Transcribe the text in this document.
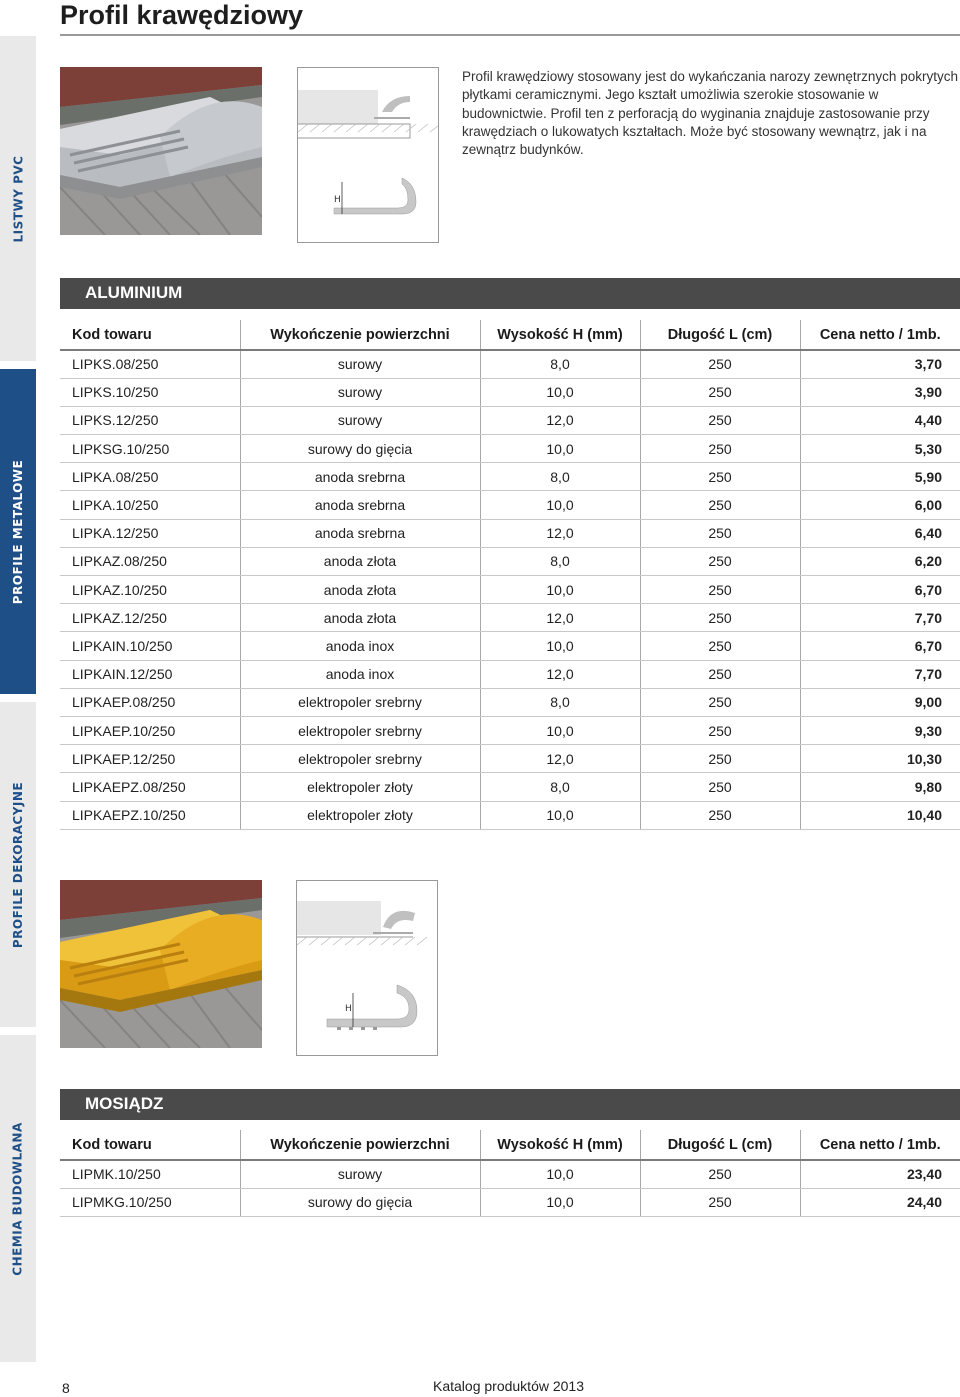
LISTWY PVC
PROFILE METALOWE
PROFILE DEKORACYJNE
CHEMIA BUDOWLANA
Profil krawędziowy
H
Profil krawędziowy stosowany jest do wykańczania narozy zewnętrznych pokrytych płytkami ceramicznymi. Jego kształt umożliwia szerokie stosowanie w budownictwie. Profil ten z perforacją do wyginania znajduje zastosowanie przy krawędziach o lukowatych kształtach. Może być stosowany wewnątrz, jak i na zewnątrz budynków.
ALUMINIUM
Kod towaru	Wykończenie powierzchni	Wysokość H (mm)	Długość L (cm)	Cena netto / 1mb.
LIPKS.08/250	surowy	8,0	250	3,70
LIPKS.10/250	surowy	10,0	250	3,90
LIPKS.12/250	surowy	12,0	250	4,40
LIPKSG.10/250	surowy do gięcia	10,0	250	5,30
LIPKA.08/250	anoda srebrna	8,0	250	5,90
LIPKA.10/250	anoda srebrna	10,0	250	6,00
LIPKA.12/250	anoda srebrna	12,0	250	6,40
LIPKAZ.08/250	anoda złota	8,0	250	6,20
LIPKAZ.10/250	anoda złota	10,0	250	6,70
LIPKAZ.12/250	anoda złota	12,0	250	7,70
LIPKAIN.10/250	anoda inox	10,0	250	6,70
LIPKAIN.12/250	anoda inox	12,0	250	7,70
LIPKAEP.08/250	elektropoler srebrny	8,0	250	9,00
LIPKAEP.10/250	elektropoler srebrny	10,0	250	9,30
LIPKAEP.12/250	elektropoler srebrny	12,0	250	10,30
LIPKAEPZ.08/250	elektropoler złoty	8,0	250	9,80
LIPKAEPZ.10/250	elektropoler złoty	10,0	250	10,40
H
MOSIĄDZ
Kod towaru	Wykończenie powierzchni	Wysokość H (mm)	Długość L (cm)	Cena netto / 1mb.
LIPMK.10/250	surowy	10,0	250	23,40
LIPMKG.10/250	surowy do gięcia	10,0	250	24,40
8	Katalog produktów 2013
